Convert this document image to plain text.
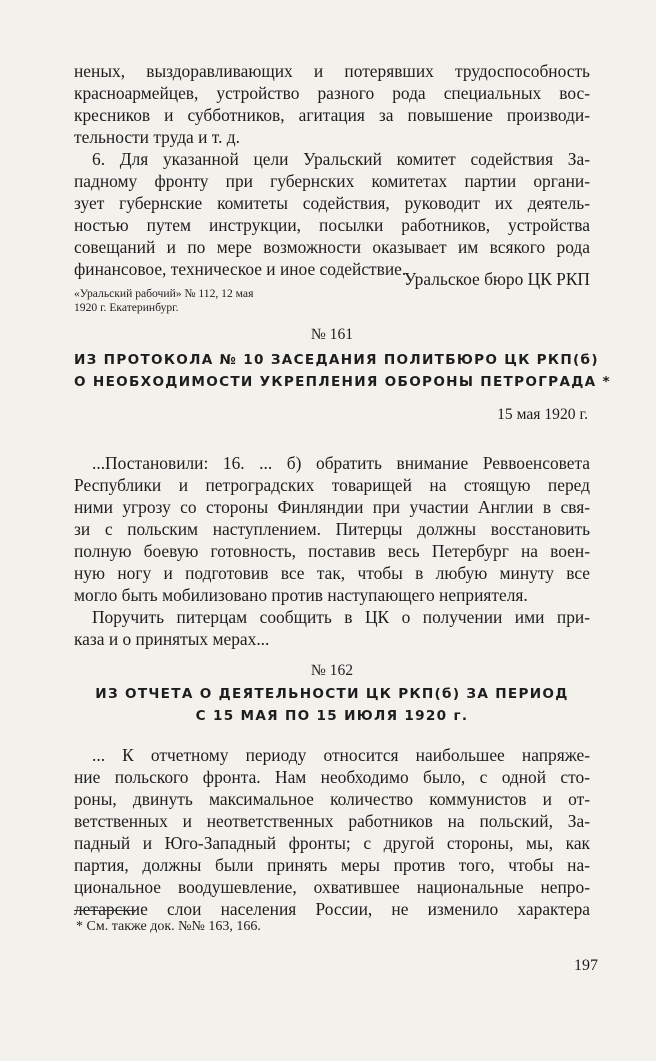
неных, выздоравливающих и потерявших трудоспособность
красноармейцев, устройство разного рода специальных вос-
кресников и субботников, агитация за повышение производи-
тельности труда и т. д.
6. Для указанной цели Уральский комитет содействия За-
падному фронту при губернских комитетах партии органи-
зует губернские комитеты содействия, руководит их деятель-
ностью путем инструкции, посылки работников, устройства
совещаний и по мере возможности оказывает им всякого рода
финансовое, техническое и иное содействие.
Уральское бюро ЦК РКП
«Уральский рабочий» № 112, 12 мая
1920 г. Екатеринбург.
№ 161
ИЗ ПРОТОКОЛА № 10 ЗАСЕДАНИЯ ПОЛИТБЮРО ЦК РКП(б)
О НЕОБХОДИМОСТИ УКРЕПЛЕНИЯ ОБОРОНЫ ПЕТРОГРАДА *
15 мая 1920 г.
...Постановили: 16. ... б) обратить внимание Реввоенсовета
Республики и петроградских товарищей на стоящую перед
ними угрозу со стороны Финляндии при участии Англии в свя-
зи с польским наступлением. Питерцы должны восстановить
полную боевую готовность, поставив весь Петербург на воен-
ную ногу и подготовив все так, чтобы в любую минуту все
могло быть мобилизовано против наступающего неприятеля.
Поручить питерцам сообщить в ЦК о получении ими при-
каза и о принятых мерах...
№ 162
ИЗ ОТЧЕТА О ДЕЯТЕЛЬНОСТИ ЦК РКП(б) ЗА ПЕРИОД
С 15 МАЯ ПО 15 ИЮЛЯ 1920 г.
... К отчетному периоду относится наибольшее напряже-
ние польского фронта. Нам необходимо было, с одной сто-
роны, двинуть максимальное количество коммунистов и от-
ветственных и неответственных работников на польский, За-
падный и Юго-Западный фронты; с другой стороны, мы, как
партия, должны были принять меры против того, чтобы на-
циональное воодушевление, охватившее национальные непро-
летарские слои населения России, не изменило характера
* См. также док. №№ 163, 166.
197
